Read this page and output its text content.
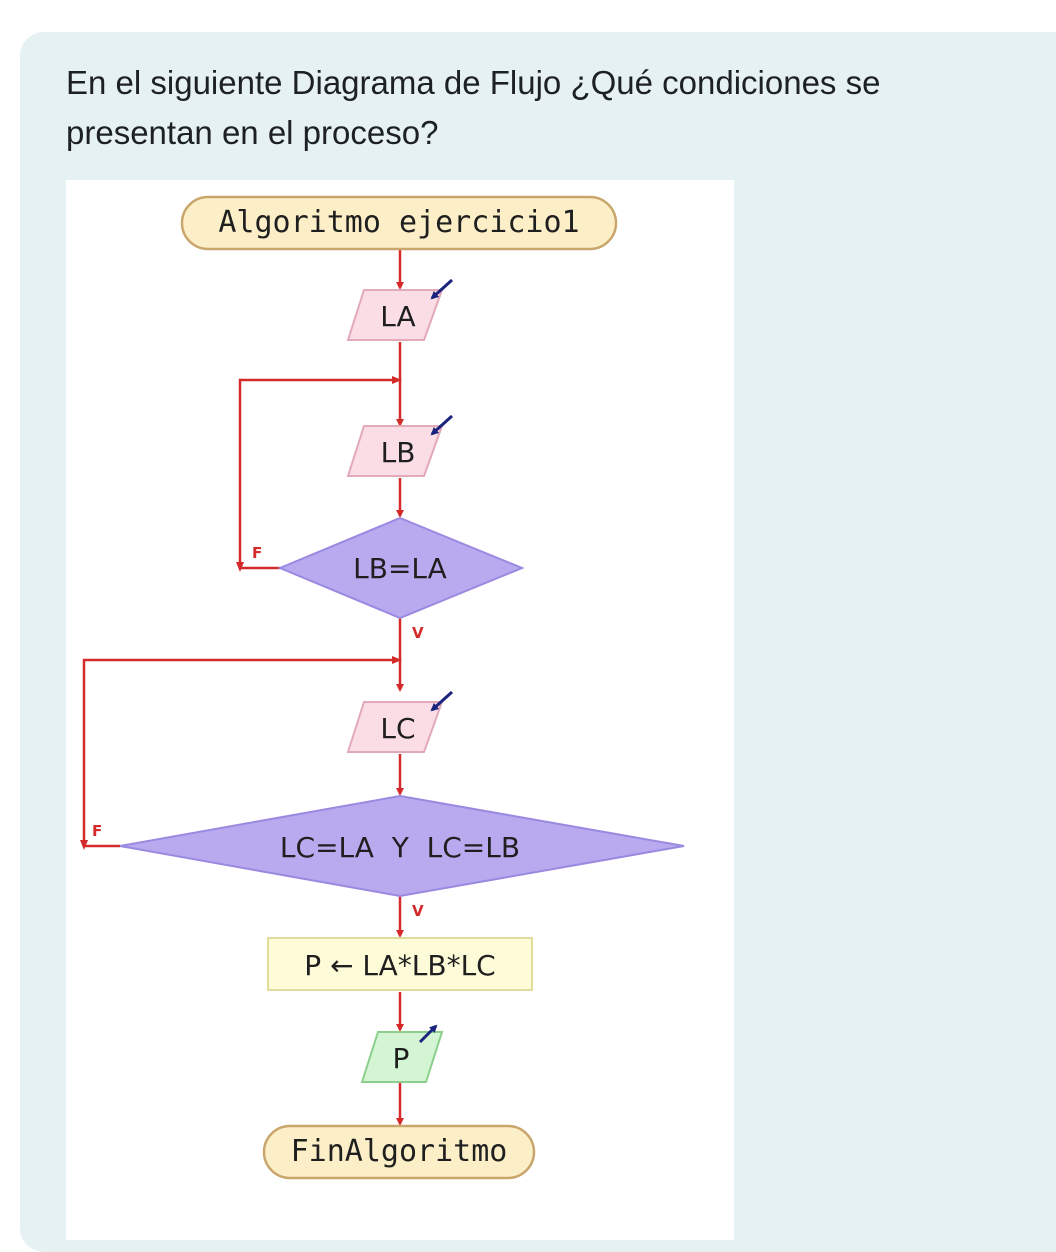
En el siguiente Diagrama de Flujo ¿Qué condiciones se
presentan en el proceso?
Algoritmo ejercicio1
LA
LB
LB=LA
F
V
LC
LC=LA  Y  LC=LB
F
V
P ← LA*LB*LC
P
FinAlgoritmo
